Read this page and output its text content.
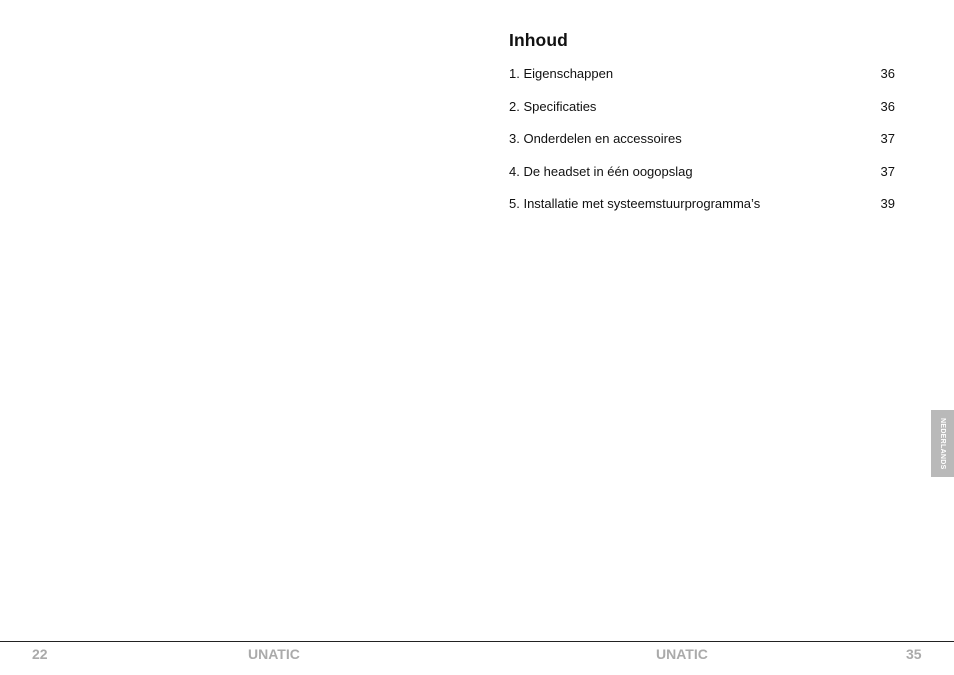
Inhoud
1. Eigenschappen	36
2. Specificaties	36
3. Onderdelen en accessoires	37
4. De headset in één oogopslag	37
5. Installatie met systeemstuurprogramma’s	39
NEDERLANDS
22	UNATIC	UNATIC	35
